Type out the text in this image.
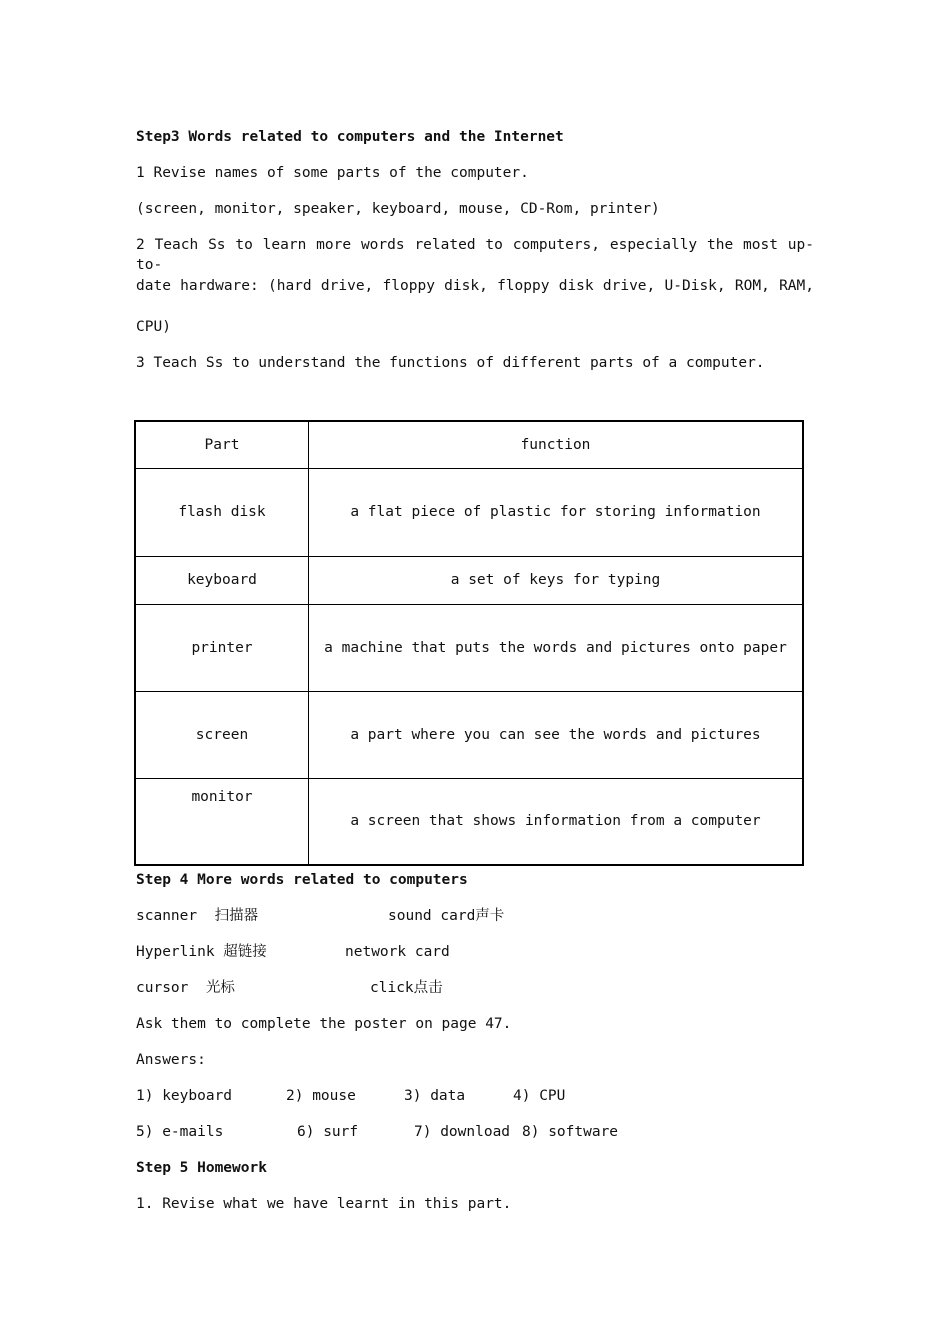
Step3 Words related to computers and the Internet
1 Revise names of some parts of the computer.
(screen, monitor, speaker, keyboard, mouse, CD-Rom, printer)
2 Teach Ss to learn more words related to computers, especially the most up-to-
date hardware: (hard drive, floppy disk, floppy disk drive, U-Disk, ROM, RAM,
CPU)
3 Teach Ss to understand the functions of different parts of a computer.
Part	function
flash disk	a flat piece of plastic for storing information
keyboard	a set of keys for typing
printer	a machine that puts the words and pictures onto paper
screen	a part where you can see the words and pictures
monitor	a screen that shows information from a computer
Step 4 More words related to computers
scanner  扫描器	sound card声卡
Hyperlink 超链接	network card
cursor  光标	click点击
Ask them to complete the poster on page 47.
Answers:
1) keyboard	2) mouse	3) data	4) CPU
5) e-mails	6) surf	7) download 8) software
Step 5 Homework
1. Revise what we have learnt in this part.
